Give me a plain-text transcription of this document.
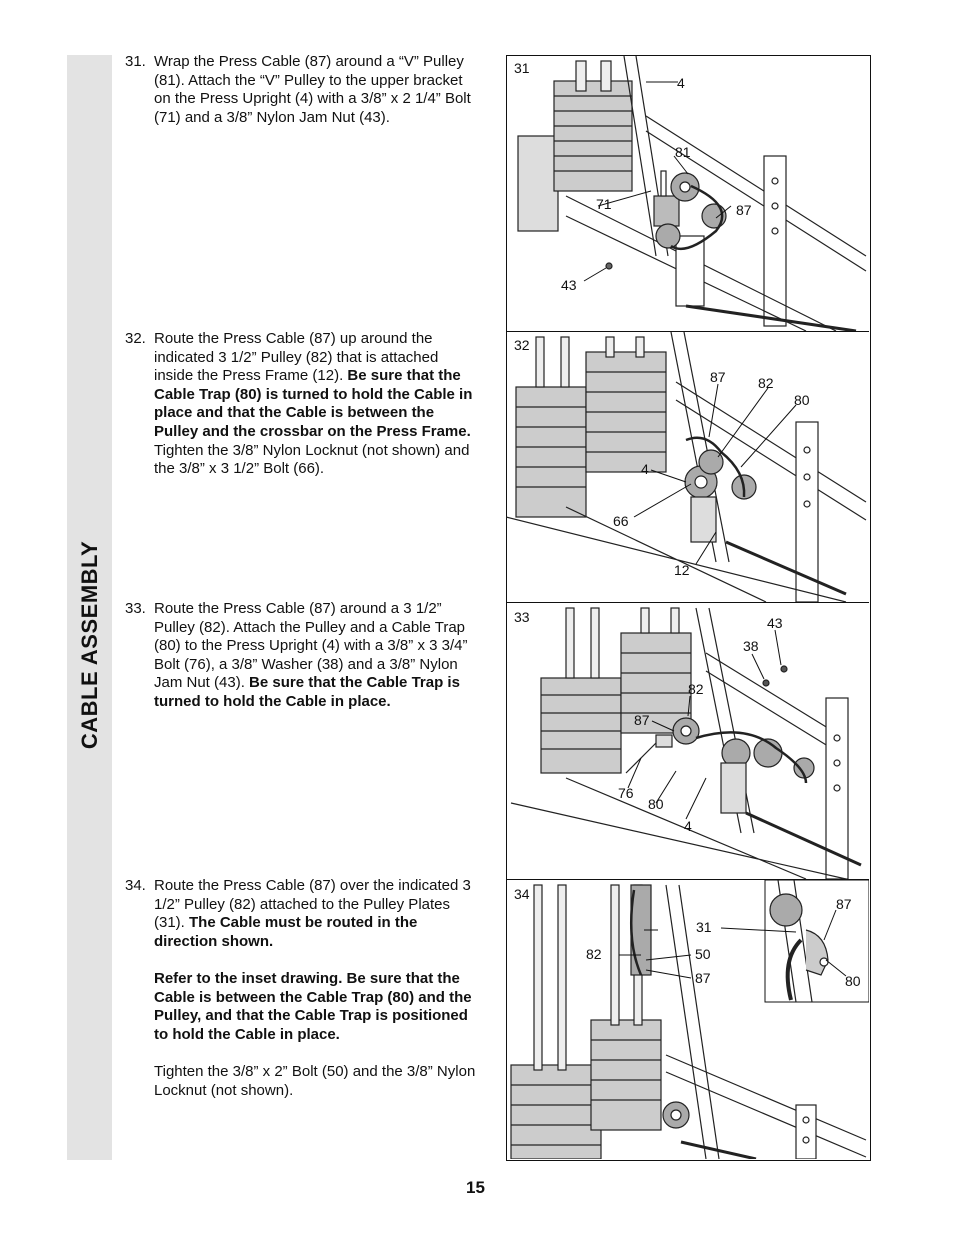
CABLE ASSEMBLY
31. Wrap the Press Cable (87) around a “V” Pulley (81). Attach the “V” Pulley to the upper bracket on the Press Upright (4) with a 3/8” x 2 1/4” Bolt (71) and a 3/8” Nylon Jam Nut (43).

32. Route the Press Cable (87) up around the indicated 3 1/2” Pulley (82) that is attached inside the Press Frame (12). Be sure that the Cable Trap (80) is turned to hold the Cable in place and that the Cable is between the Pulley and the crossbar on the Press Frame. Tighten the 3/8” Nylon Locknut (not shown) and the 3/8” x 3 1/2” Bolt (66).

33. Route the Press Cable (87) around a 3 1/2” Pulley (82). Attach the Pulley and a Cable Trap (80) to the Press Upright (4) with a 3/8” x 3 3/4” Bolt (76), a 3/8” Washer (38) and a 3/8” Nylon Jam Nut (43). Be sure that the Cable Trap is turned to hold the Cable in place.

34. Route the Press Cable (87) over the indicated 3 1/2” Pulley (82) attached to the Pulley Plates (31). The Cable must be routed in the direction shown.

Refer to the inset drawing. Be sure that the Cable is between the Cable Trap (80) and the Pulley, and that the Cable Trap is positioned to hold the Cable in place.

Tighten the 3/8” x 2” Bolt (50) and the 3/8” Nylon Locknut (not shown).

31
4
81
87
71
43
32
87 82
80
4
66
12
33	43
38
82
87
76
80
4
34
31
82	50
87
87
80
15
